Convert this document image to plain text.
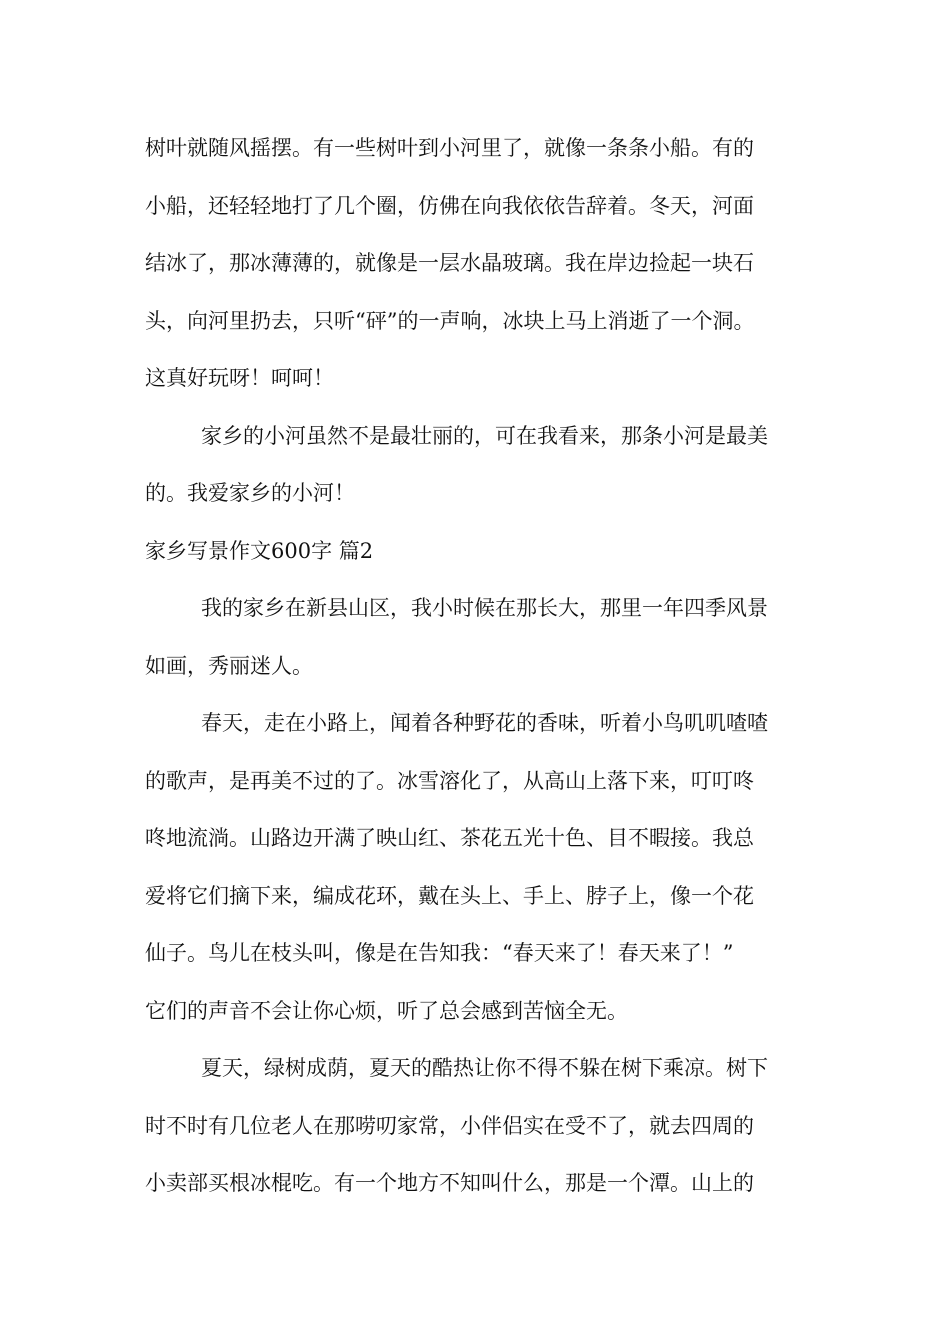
树叶就随风摇摆。有一些树叶到小河里了，就像一条条小船。有的
小船，还轻轻地打了几个圈，仿佛在向我依依告辞着。冬天，河面
结冰了，那冰薄薄的，就像是一层水晶玻璃。我在岸边捡起一块石
头，向河里扔去，只听“砰”的一声响，冰块上马上消逝了一个洞。
这真好玩呀！呵呵！
家乡的小河虽然不是最壮丽的，可在我看来，那条小河是最美
的。我爱家乡的小河！
家乡写景作文600字 篇2
我的家乡在新县山区，我小时候在那长大，那里一年四季风景
如画，秀丽迷人。
春天，走在小路上，闻着各种野花的香味，听着小鸟叽叽喳喳
的歌声，是再美不过的了。冰雪溶化了，从高山上落下来，叮叮咚
咚地流淌。山路边开满了映山红、茶花五光十色、目不暇接。我总
爱将它们摘下来，编成花环，戴在头上、手上、脖子上，像一个花
仙子。鸟儿在枝头叫，像是在告知我：“春天来了！春天来了！”
它们的声音不会让你心烦，听了总会感到苦恼全无。
夏天，绿树成荫，夏天的酷热让你不得不躲在树下乘凉。树下
时不时有几位老人在那唠叨家常，小伴侣实在受不了，就去四周的
小卖部买根冰棍吃。有一个地方不知叫什么，那是一个潭。山上的
